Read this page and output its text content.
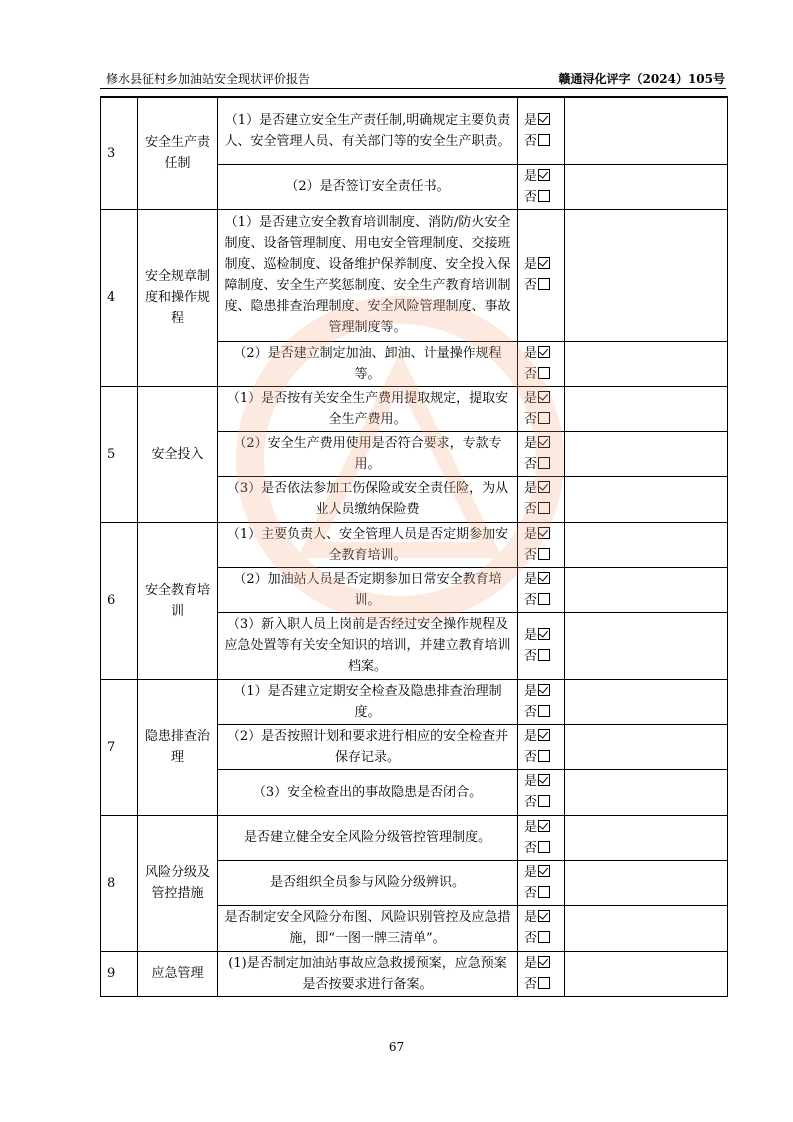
修水县征村乡加油站安全现状评价报告	赣通浔化评字（2024）105号
3	安全生产责任制	（1）是否建立安全生产责任制,明确规定主要负责人、安全管理人员、有关部门等的安全生产职责。	是
否	

		（2）是否签订安全责任书。	是
否	

4	安全规章制度和操作规程	（1）是否建立安全教育培训制度、消防/防火安全制度、设备管理制度、用电安全管理制度、交接班制度、巡检制度、设备维护保养制度、安全投入保障制度、安全生产奖惩制度、安全生产教育培训制度、隐患排查治理制度、安全风险管理制度、事故管理制度等。	是
否	

		（2）是否建立制定加油、卸油、计量操作规程等。	是
否	

5	安全投入	（1）是否按有关安全生产费用提取规定，提取安全生产费用。	是
否	

		（2）安全生产费用使用是否符合要求，专款专用。	是
否	

		（3）是否依法参加工伤保险或安全责任险，为从业人员缴纳保险费	是
否	

6	安全教育培训	（1）主要负责人、安全管理人员是否定期参加安全教育培训。	是
否	

		（2）加油站人员是否定期参加日常安全教育培训。	是
否	

		（3）新入职人员上岗前是否经过安全操作规程及应急处置等有关安全知识的培训，并建立教育培训档案。	是
否	

7	隐患排查治理	（1）是否建立定期安全检查及隐患排查治理制度。	是
否	

		（2）是否按照计划和要求进行相应的安全检查并保存记录。	是
否	

		（3）安全检查出的事故隐患是否闭合。	是
否	

8	风险分级及管控措施	是否建立健全安全风险分级管控管理制度。	是
否	

		是否组织全员参与风险分级辨识。	是
否	

		是否制定安全风险分布图、风险识别管控及应急措施，即“一图一牌三清单”。	是
否	

9	应急管理	(1)是否制定加油站事故应急救援预案，应急预案是否按要求进行备案。	是
否	

67
